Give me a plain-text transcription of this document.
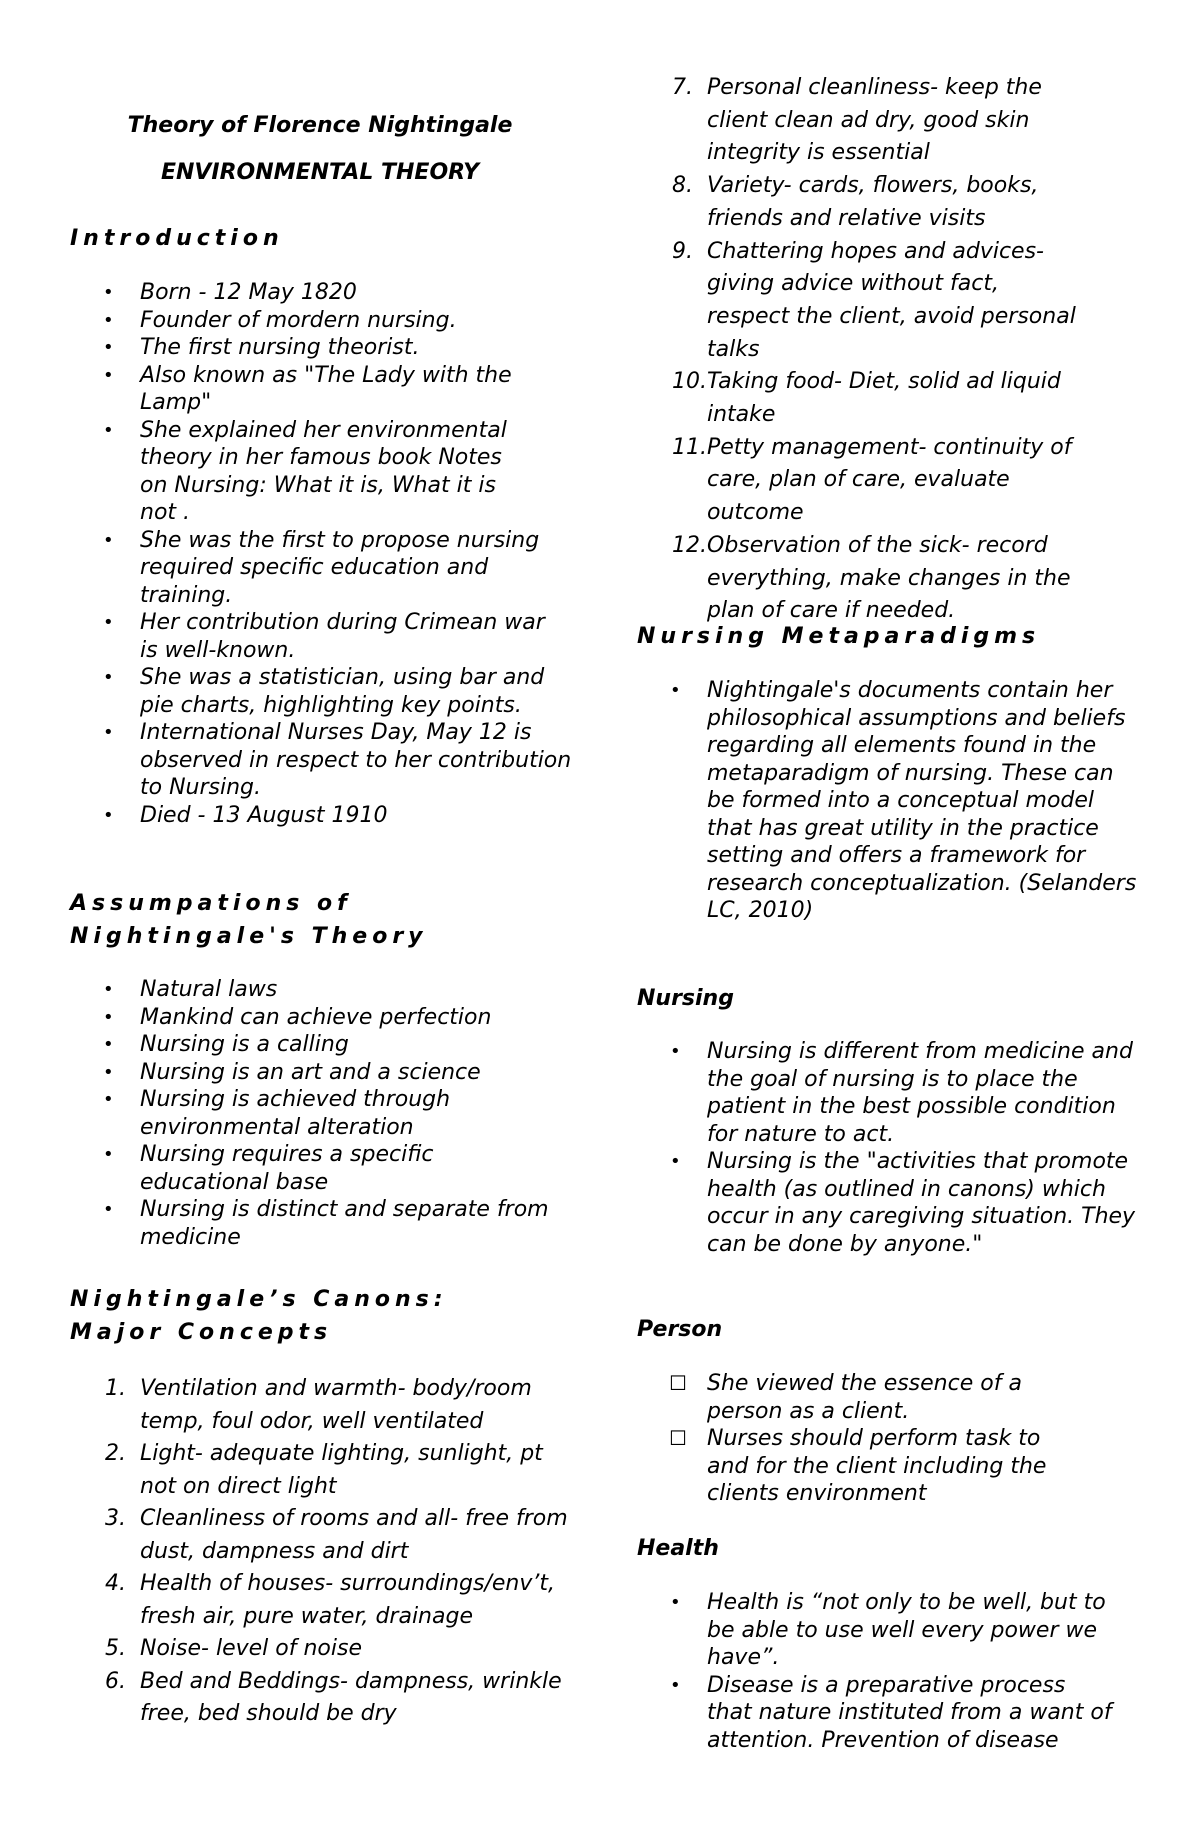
Theory of Florence Nightingale
ENVIRONMENTAL THEORY
Introduction
• Born - 12 May 1820
• Founder of mordern nursing.
• The first nursing theorist.
• Also known as "The Lady with the Lamp"
• She explained her environmental theory in her famous book Notes on Nursing: What it is, What it is not .
• She was the first to propose nursing required specific education and training.
• Her contribution during Crimean war is well-known.
• She was a statistician, using bar and pie charts, highlighting key points.
• International Nurses Day, May 12 is observed in respect to her contribution to Nursing.
• Died - 13 August 1910
Assumpations of
Nightingale's Theory
• Natural laws
• Mankind can achieve perfection
• Nursing is a calling
• Nursing is an art and a science
• Nursing is achieved through environmental alteration
• Nursing requires a specific educational base
• Nursing is distinct and separate from medicine
Nightingale’s Canons:
Major Concepts
1. Ventilation and warmth- body/room temp, foul odor, well ventilated
2. Light- adequate lighting, sunlight, pt not on direct light
3. Cleanliness of rooms and all- free from dust, dampness and dirt
4. Health of houses- surroundings/env’t, fresh air, pure water, drainage
5. Noise- level of noise
6. Bed and Beddings- dampness, wrinkle free, bed should be dry
7. Personal cleanliness- keep the client clean ad dry, good skin integrity is essential
8. Variety- cards, flowers, books, friends and relative visits
9. Chattering hopes and advices- giving advice without fact, respect the client, avoid personal talks
10. Taking food- Diet, solid ad liquid intake
11. Petty management- continuity of care, plan of care, evaluate outcome
12. Observation of the sick- record everything, make changes in the plan of care if needed.
Nursing Metaparadigms
• Nightingale's documents contain her philosophical assumptions and beliefs regarding all elements found in the metaparadigm of nursing. These can be formed into a conceptual model that has great utility in the practice setting and offers a framework for research conceptualization. (Selanders LC, 2010)
Nursing
• Nursing is different from medicine and the goal of nursing is to place the patient in the best possible condition for nature to act.
• Nursing is the "activities that promote health (as outlined in canons) which occur in any caregiving situation. They can be done by anyone."
Person
☐ She viewed the essence of a person as a client.
☐ Nurses should perform task to and for the client including the clients environment
Health
• Health is “not only to be well, but to be able to use well every power we have”.
• Disease is a preparative process that nature instituted from a want of attention. Prevention of disease
